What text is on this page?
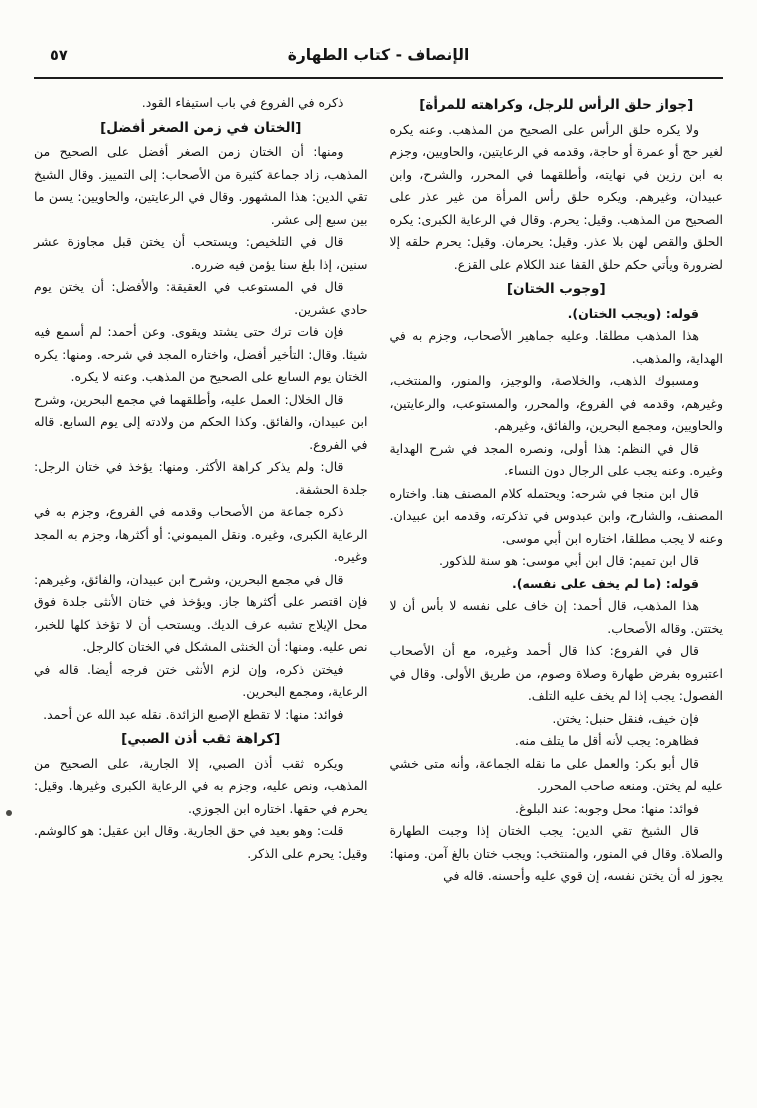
٥٧	الإنصاف - كتاب الطهارة
[جواز حلق الرأس للرجل، وكراهته للمرأة]

ولا يكره حلق الرأس على الصحيح من المذهب. وعنه يكره لغير حج أو عمرة أو حاجة، وقدمه في الرعايتين، والحاويين، وجزم به ابن رزين في نهايته، وأطلقهما في المحرر، والشرح، وابن عبيدان، وغيرهم. ويكره حلق رأس المرأة من غير عذر على الصحيح من المذهب. وقيل: يحرم. وقال في الرعاية الكبرى: يكره الحلق والقص لهن بلا عذر. وقيل: يحرمان. وقيل: يحرم حلقه إلا لضرورة ويأتي حكم حلق القفا عند الكلام على القزع.

[وجوب الختان]

قوله: (ويجب الختان).

هذا المذهب مطلقا. وعليه جماهير الأصحاب، وجزم به في الهداية، والمذهب.

ومسبوك الذهب، والخلاصة، والوجيز، والمنور، والمنتخب، وغيرهم، وقدمه في الفروع، والمحرر، والمستوعب، والرعايتين، والحاويين، ومجمع البحرين، والفائق، وغيرهم.

قال في النظم: هذا أولى، ونصره المجد في شرح الهداية وغيره. وعنه يجب على الرجال دون النساء.

قال ابن منجا في شرحه: ويحتمله كلام المصنف هنا. واختاره المصنف، والشارح، وابن عبدوس في تذكرته، وقدمه ابن عبيدان. وعنه لا يجب مطلقا، اختاره ابن أبي موسى.

قال ابن تميم: قال ابن أبي موسى: هو سنة للذكور.

قوله: (ما لم يخف على نفسه).

هذا المذهب، قال أحمد: إن خاف على نفسه لا بأس أن لا يختتن. وقاله الأصحاب.

قال في الفروع: كذا قال أحمد وغيره، مع أن الأصحاب اعتبروه بفرض طهارة وصلاة وصوم، من طريق الأولى. وقال في الفصول: يجب إذا لم يخف عليه التلف.

فإن خيف، فنقل حنبل: يختن.

فظاهره: يجب لأنه أقل ما يتلف منه.

قال أبو بكر: والعمل على ما نقله الجماعة، وأنه متى خشي عليه لم يختن. ومنعه صاحب المحرر.

فوائد: منها: محل وجوبه: عند البلوغ.

قال الشيخ تقي الدين: يجب الختان إذا وجبت الطهارة والصلاة. وقال في المنور، والمنتخب: ويجب ختان بالغ آمن. ومنها: يجوز له أن يختن نفسه، إن قوي عليه وأحسنه. قاله في

ذكره في الفروع في باب استيفاء القود.

[الختان في زمن الصغر أفضل]

ومنها: أن الختان زمن الصغر أفضل على الصحيح من المذهب، زاد جماعة كثيرة من الأصحاب: إلى التمييز. وقال الشيخ تقي الدين: هذا المشهور. وقال في الرعايتين، والحاويين: يسن ما بين سبع إلى عشر.

قال في التلخيص: ويستحب أن يختن قبل مجاوزة عشر سنين، إذا بلغ سنا يؤمن فيه ضرره.

قال في المستوعب في العقيقة: والأفضل: أن يختن يوم حادي عشرين.

فإن فات ترك حتى يشتد ويقوى. وعن أحمد: لم أسمع فيه شيئا. وقال: التأخير أفضل، واختاره المجد في شرحه. ومنها: يكره الختان يوم السابع على الصحيح من المذهب. وعنه لا يكره.

قال الخلال: العمل عليه، وأطلقهما في مجمع البحرين، وشرح ابن عبيدان، والفائق. وكذا الحكم من ولادته إلى يوم السابع. قاله في الفروع.

قال: ولم يذكر كراهة الأكثر. ومنها: يؤخذ في ختان الرجل: جلدة الحشفة.

ذكره جماعة من الأصحاب وقدمه في الفروع، وجزم به في الرعاية الكبرى، وغيره. ونقل الميموني: أو أكثرها، وجزم به المجد وغيره.

قال في مجمع البحرين، وشرح ابن عبيدان، والفائق، وغيرهم: فإن اقتصر على أكثرها جاز. ويؤخذ في ختان الأنثى جلدة فوق محل الإيلاج تشبه عرف الديك. ويستحب أن لا تؤخذ كلها للخبر، نص عليه. ومنها: أن الخنثى المشكل في الختان كالرجل.

فيختن ذكره، وإن لزم الأنثى ختن فرجه أيضا. قاله في الرعاية، ومجمع البحرين.

فوائد: منها: لا تقطع الإصبع الزائدة. نقله عبد الله عن أحمد.

[كراهة ثقب أذن الصبي]

ويكره ثقب أذن الصبي، إلا الجارية، على الصحيح من المذهب، ونص عليه، وجزم به في الرعاية الكبرى وغيرها. وقيل: يحرم في حقها. اختاره ابن الجوزي.

قلت: وهو بعيد في حق الجارية. وقال ابن عقيل: هو كالوشم. وقيل: يحرم على الذكر.
